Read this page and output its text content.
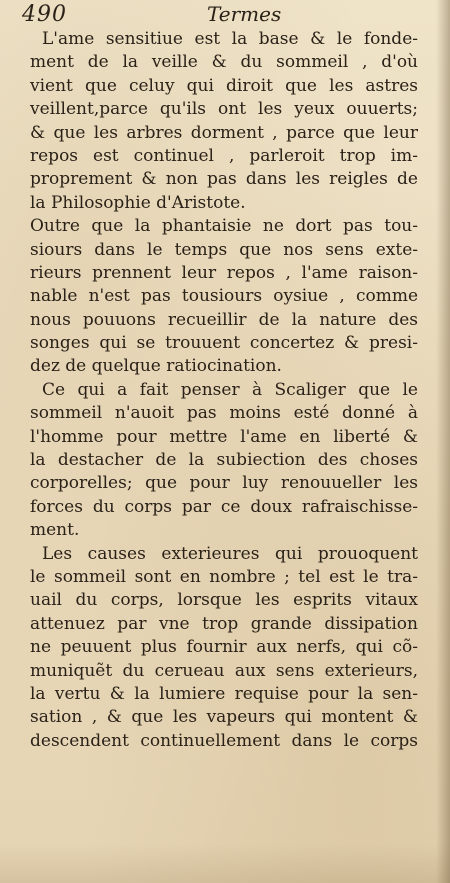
490	Termes
L'ame sensitiue est la base & le fonde-
ment de la veille & du sommeil , d'où
vient que celuy qui diroit que les astres
veillent,parce qu'ils ont les yeux ouuerts;
& que les arbres dorment , parce que leur
repos est continuel , parleroit trop im-
proprement & non pas dans les reigles de
la Philosophie d'Aristote.
Outre que la phantaisie ne dort pas tou-
siours dans le temps que nos sens exte-
rieurs prennent leur repos , l'ame raison-
nable n'est pas tousiours oysiue , comme
nous pouuons recueillir de la nature des
songes qui se trouuent concertez & presi-
dez de quelque ratiocination.
Ce qui a fait penser à Scaliger que le
sommeil n'auoit pas moins esté donné à
l'homme pour mettre l'ame en liberté &
la destacher de la subiection des choses
corporelles; que pour luy renouueller les
forces du corps par ce doux rafraischisse-
ment.
Les causes exterieures qui prouoquent
le sommeil sont en nombre ; tel est le tra-
uail du corps, lorsque les esprits vitaux
attenuez par vne trop grande dissipation
ne peuuent plus fournir aux nerfs, qui cõ-
muniquẽt du cerueau aux sens exterieurs,
la vertu & la lumiere requise pour la sen-
sation , & que les vapeurs qui montent &
descendent continuellement dans le corps
